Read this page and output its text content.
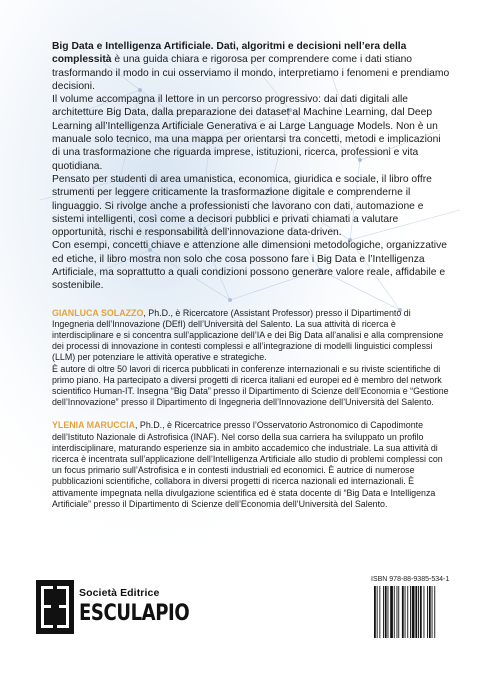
Big Data e Intelligenza Artificiale. Dati, algoritmi e decisioni nell’era della complessità è una guida chiara e rigorosa per comprendere come i dati stiano trasformando il modo in cui osserviamo il mondo, interpretiamo i fenomeni e prendiamo decisioni.

Il volume accompagna il lettore in un percorso progressivo: dai dati digitali alle architetture Big Data, dalla preparazione dei dataset al Machine Learning, dal Deep Learning all’Intelligenza Artificiale Generativa e ai Large Language Models. Non è un manuale solo tecnico, ma una mappa per orientarsi tra concetti, metodi e implicazioni di una trasformazione che riguarda imprese, istituzioni, ricerca, professioni e vita quotidiana.

Pensato per studenti di area umanistica, economica, giuridica e sociale, il libro offre strumenti per leggere criticamente la trasformazione digitale e comprenderne il linguaggio. Si rivolge anche a professionisti che lavorano con dati, automazione e sistemi intelligenti, così come a decisori pubblici e privati chiamati a valutare opportunità, rischi e responsabilità dell’innovazione data-driven.

Con esempi, concetti chiave e attenzione alle dimensioni metodologiche, organizzative ed etiche, il libro mostra non solo che cosa possono fare i Big Data e l’Intelligenza Artificiale, ma soprattutto a quali condizioni possono generare valore reale, affidabile e sostenibile.

GIANLUCA SOLAZZO, Ph.D., è Ricercatore (Assistant Professor) presso il Dipartimento di Ingegneria dell’Innovazione (DEfI) dell’Università del Salento. La sua attività di ricerca è interdisciplinare e si concentra sull’applicazione dell’IA e dei Big Data all’analisi e alla comprensione dei processi di innovazione in contesti complessi e all’integrazione di modelli linguistici complessi (LLM) per potenziare le attività operative e strategiche.

È autore di oltre 50 lavori di ricerca pubblicati in conferenze internazionali e su riviste scientifiche di primo piano. Ha partecipato a diversi progetti di ricerca italiani ed europei ed è membro del network scientifico Human-IT. Insegna “Big Data” presso il Dipartimento di Scienze dell’Economia e “Gestione dell’Innovazione” presso il Dipartimento di Ingegneria dell’Innovazione dell’Università del Salento.

YLENIA MARUCCIA, Ph.D., è Ricercatrice presso l’Osservatorio Astronomico di Capodimonte dell’Istituto Nazionale di Astrofisica (INAF). Nel corso della sua carriera ha sviluppato un profilo interdisciplinare, maturando esperienze sia in ambito accademico che industriale. La sua attività di ricerca è incentrata sull’applicazione dell’Intelligenza Artificiale allo studio di problemi complessi con un focus primario sull’Astrofisica e in contesti industriali ed economici. È autrice di numerose pubblicazioni scientifiche, collabora in diversi progetti di ricerca nazionali ed internazionali. È attivamente impegnata nella divulgazione scientifica ed è stata docente di “Big Data e Intelligenza Artificiale” presso il Dipartimento di Scienze dell’Economia dell’Università del Salento.

Società Editrice
ESCULAPIO
ISBN 978-88-9385-534-1
